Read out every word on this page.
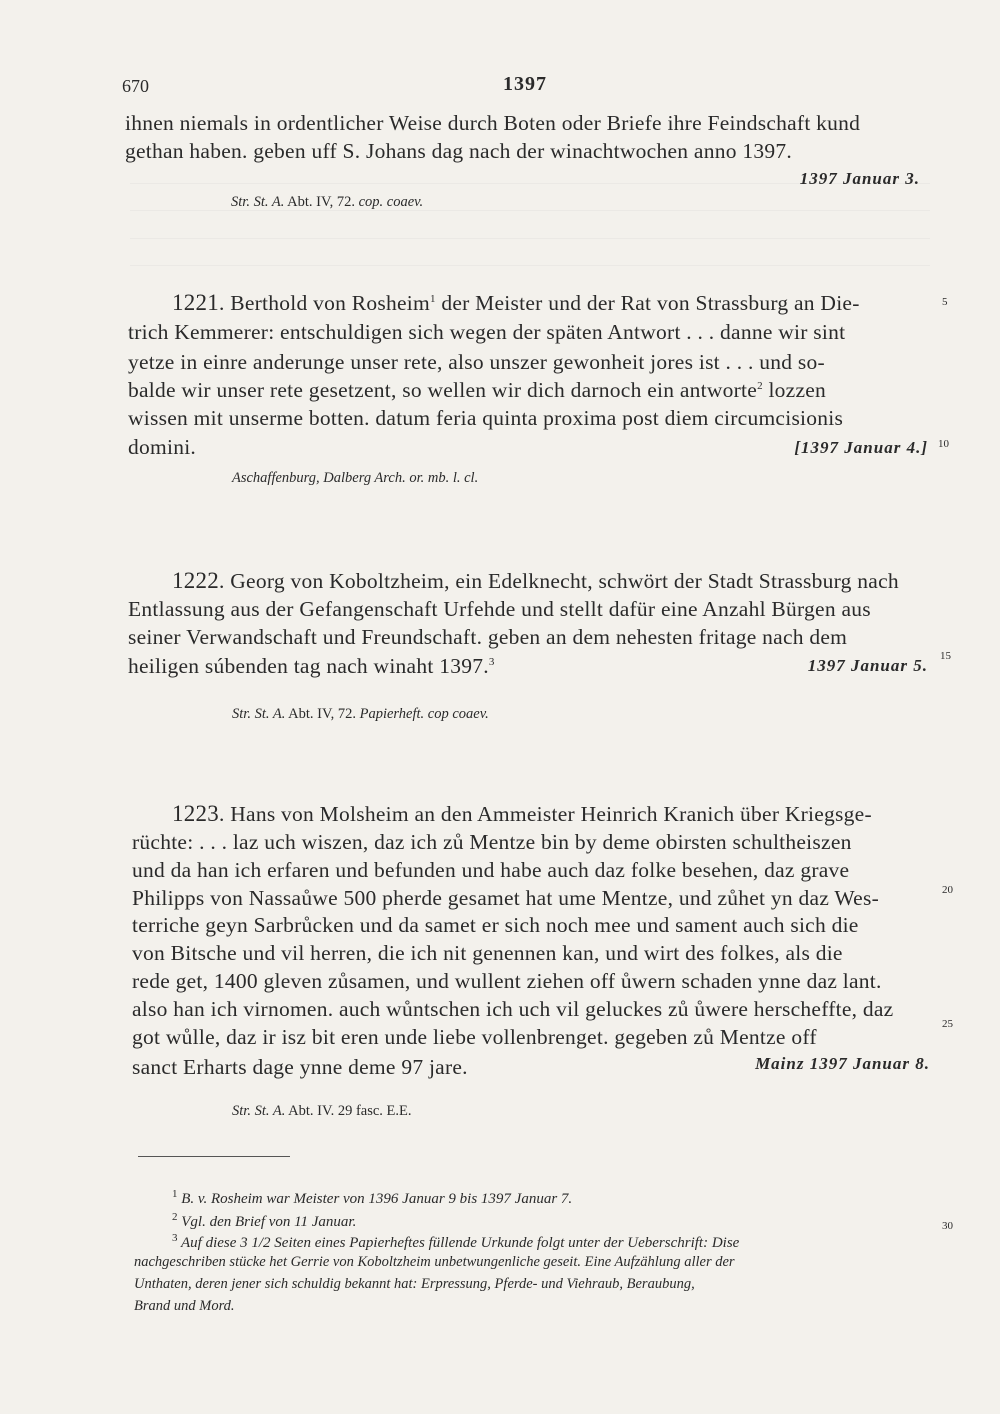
670	1397
ihnen niemals in ordentlicher Weise durch Boten oder Briefe ihre Feindschaft kund
gethan haben. geben uff S. Johans dag nach der winachtwochen anno 1397.
1397 Januar 3.
Str. St. A. Abt. IV, 72. cop. coaev.
1221. Berthold von Rosheim$^1$ der Meister und der Rat von Strassburg an Die-
trich Kemmerer: entschuldigen sich wegen der späten Antwort . . . danne wir sint
yetze in einre anderunge unser rete, also unszer gewonheit jores ist . . . und so-
balde wir unser rete gesetzent, so wellen wir dich darnoch ein antworte$^2$ lozzen
wissen mit unserme botten. datum feria quinta proxima post diem circumcisionis
domini.	[1397 Januar 4.]
Aschaffenburg, Dalberg Arch. or. mb. l. cl.
1222. Georg von Koboltzheim, ein Edelknecht, schwört der Stadt Strassburg nach
Entlassung aus der Gefangenschaft Urfehde und stellt dafür eine Anzahl Bürgen aus
seiner Verwandschaft und Freundschaft. geben an dem nehesten fritage nach dem
heiligen súbenden tag nach winaht 1397.$^3$	1397 Januar 5.
Str. St. A. Abt. IV, 72. Papierheft. cop coaev.
1223. Hans von Molsheim an den Ammeister Heinrich Kranich über Kriegsge-
rüchte: . . . laz uch wiszen, daz ich zů Mentze bin by deme obirsten schultheiszen
und da han ich erfaren und befunden und habe auch daz folke besehen, daz grave
Philipps von Nassaůwe 500 pherde gesamet hat ume Mentze, und zůhet yn daz Wes-
terriche geyn Sarbrůcken und da samet er sich noch mee und sament auch sich die
von Bitsche und vil herren, die ich nit genennen kan, und wirt des folkes, als die
rede get, 1400 gleven zůsamen, und wullent ziehen off ůwern schaden ynne daz lant.
also han ich virnomen. auch wůntschen ich uch vil geluckes zů ůwere herscheffte, daz
got wůlle, daz ir isz bit eren unde liebe vollenbrenget. gegeben zů Mentze off
sanct Erharts dage ynne deme 97 jare.	Mainz 1397 Januar 8.
Str. St. A. Abt. IV. 29 fasc. E.E.
5
10
15
20
25
30
$^1$ B. v. Rosheim war Meister von 1396 Januar 9 bis 1397 Januar 7.
$^2$ Vgl. den Brief von 11 Januar.
$^3$ Auf diese 3 1/2 Seiten eines Papierheftes füllende Urkunde folgt unter der Ueberschrift: Dise
nachgeschriben stücke het Gerrie von Koboltzheim unbetwungenliche geseit. Eine Aufzählung aller der
Unthaten, deren jener sich schuldig bekannt hat: Erpressung, Pferde- und Viehraub, Beraubung,
Brand und Mord.
